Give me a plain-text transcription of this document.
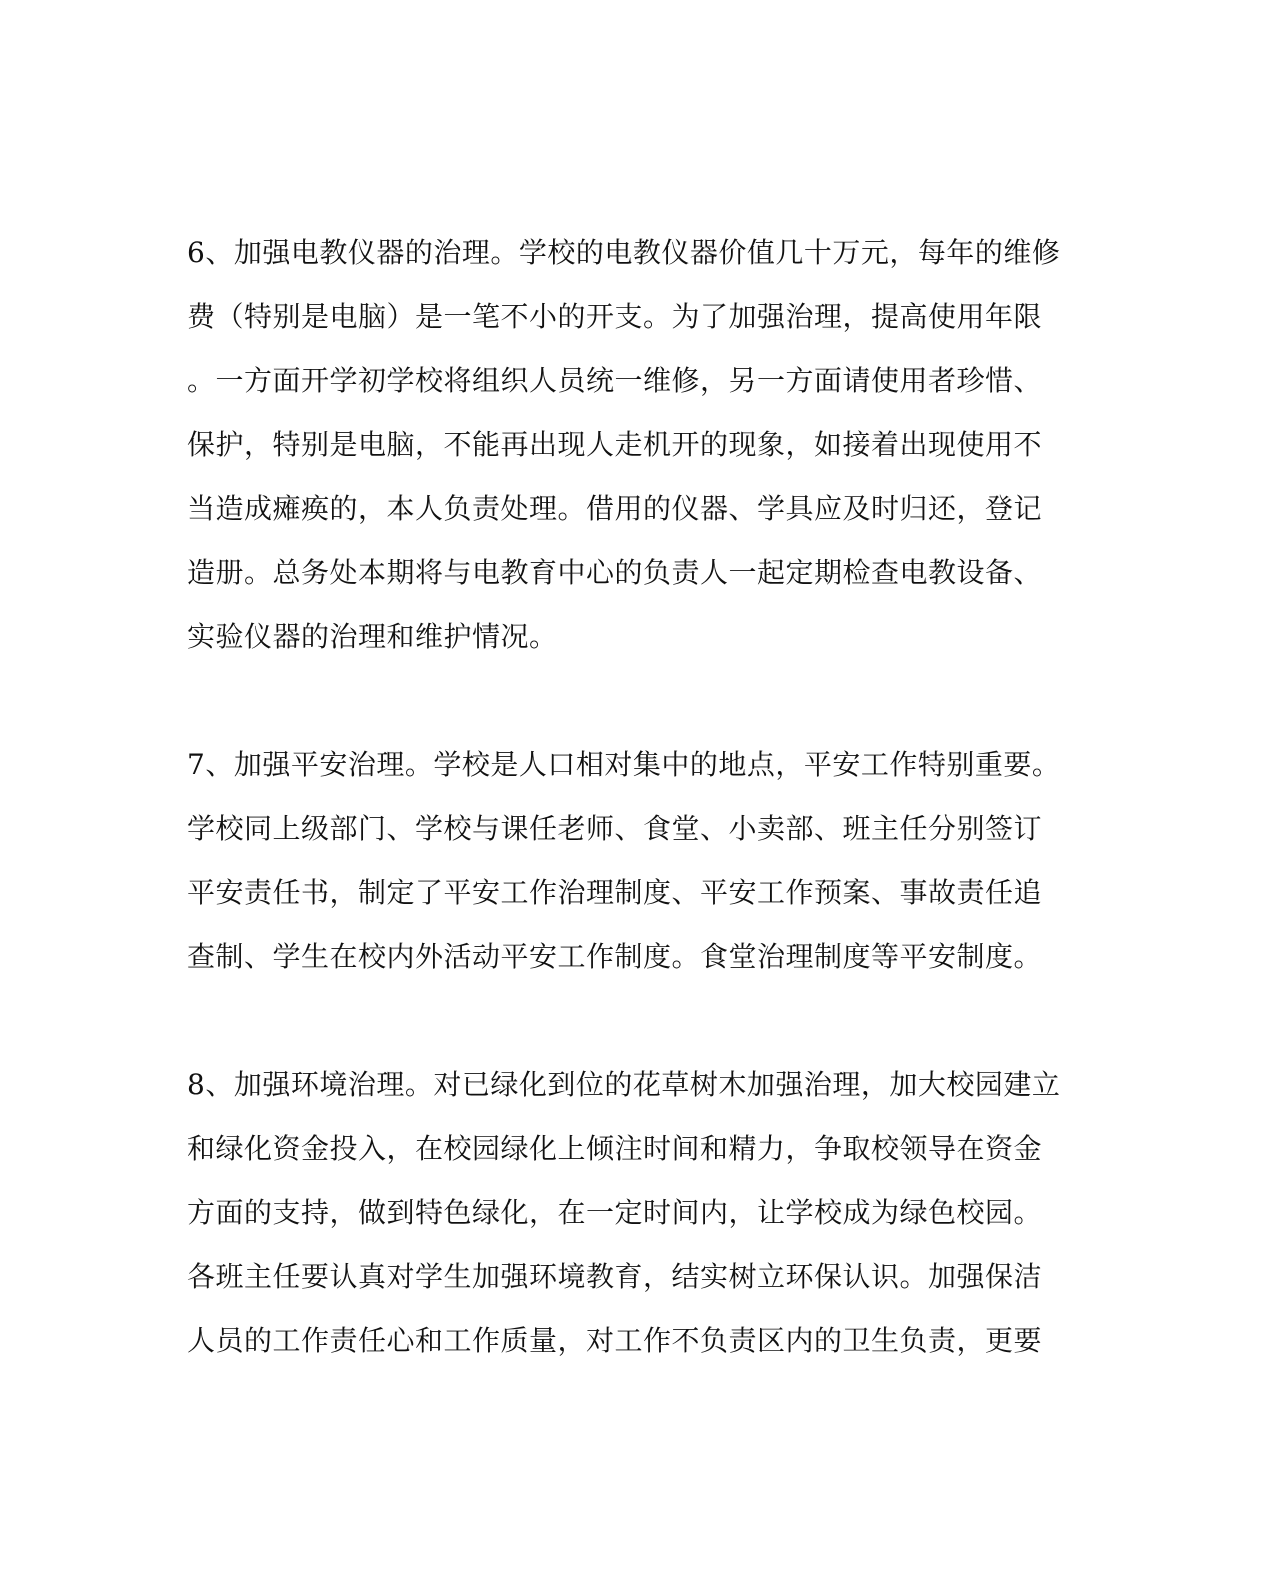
6、加强电教仪器的治理。学校的电教仪器价值几十万元，每年的维修

费（特别是电脑）是一笔不小的开支。为了加强治理，提高使用年限

。一方面开学初学校将组织人员统一维修，另一方面请使用者珍惜、

保护，特别是电脑，不能再出现人走机开的现象，如接着出现使用不

当造成瘫痪的，本人负责处理。借用的仪器、学具应及时归还，登记

造册。总务处本期将与电教育中心的负责人一起定期检查电教设备、

实验仪器的治理和维护情况。

7、加强平安治理。学校是人口相对集中的地点，平安工作特别重要。

学校同上级部门、学校与课任老师、食堂、小卖部、班主任分别签订

平安责任书，制定了平安工作治理制度、平安工作预案、事故责任追

查制、学生在校内外活动平安工作制度。食堂治理制度等平安制度。

8、加强环境治理。对已绿化到位的花草树木加强治理，加大校园建立

和绿化资金投入，在校园绿化上倾注时间和精力，争取校领导在资金

方面的支持，做到特色绿化，在一定时间内，让学校成为绿色校园。

各班主任要认真对学生加强环境教育，结实树立环保认识。加强保洁

人员的工作责任心和工作质量，对工作不负责区内的卫生负责，更要
